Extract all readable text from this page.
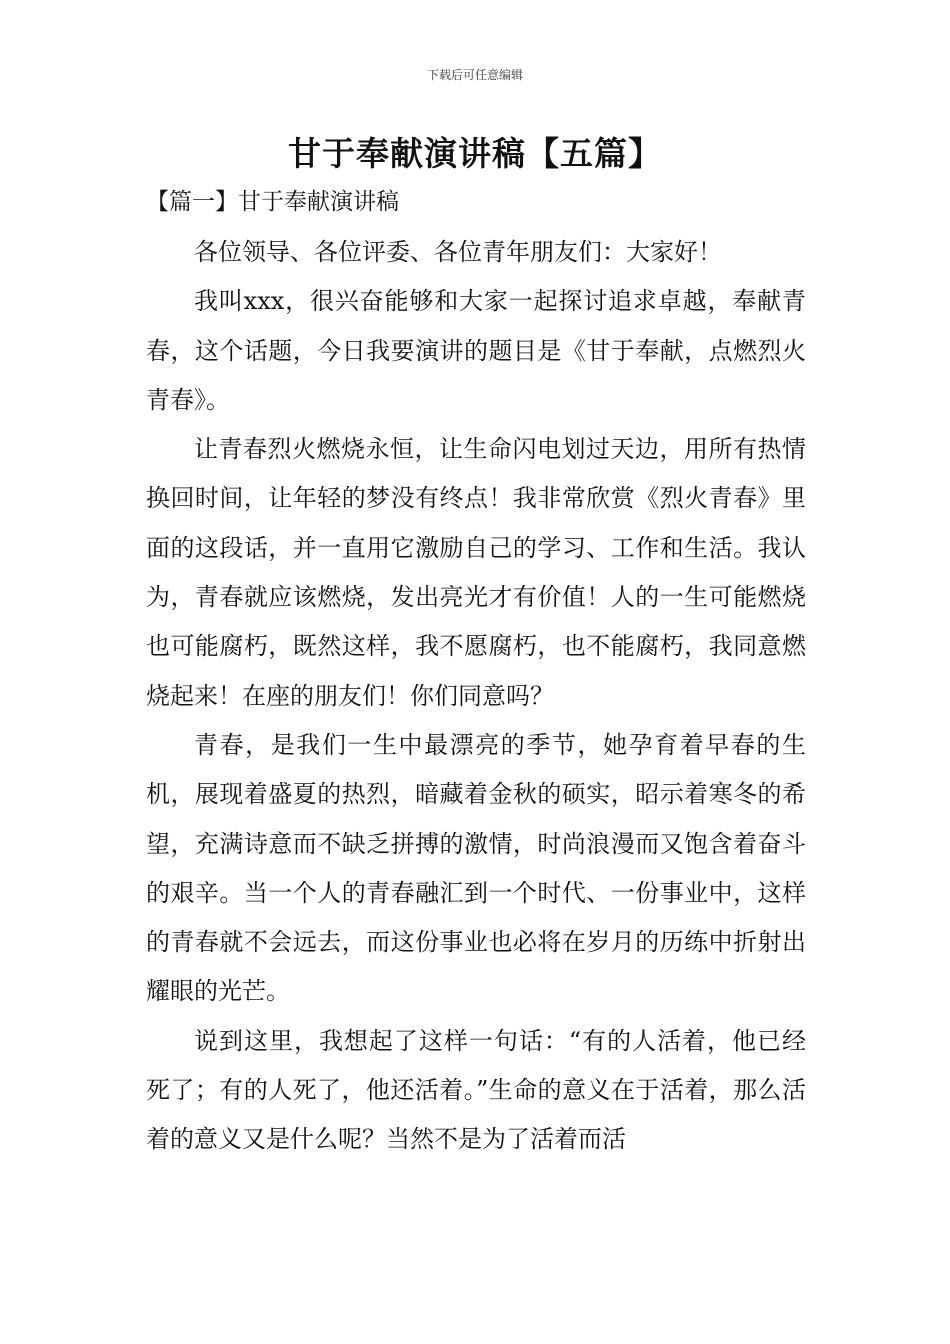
下载后可任意编辑
甘于奉献演讲稿【五篇】
【篇一】甘于奉献演讲稿

各位领导、各位评委、各位青年朋友们：大家好！

我叫xxx，很兴奋能够和大家一起探讨追求卓越，奉献青春，这个话题，今日我要演讲的题目是《甘于奉献，点燃烈火青春》。

让青春烈火燃烧永恒，让生命闪电划过天边，用所有热情换回时间，让年轻的梦没有终点！我非常欣赏《烈火青春》里面的这段话，并一直用它激励自己的学习、工作和生活。我认为，青春就应该燃烧，发出亮光才有价值！人的一生可能燃烧也可能腐朽，既然这样，我不愿腐朽，也不能腐朽，我同意燃烧起来！在座的朋友们！你们同意吗？

青春，是我们一生中最漂亮的季节，她孕育着早春的生机，展现着盛夏的热烈，暗藏着金秋的硕实，昭示着寒冬的希望，充满诗意而不缺乏拼搏的激情，时尚浪漫而又饱含着奋斗的艰辛。当一个人的青春融汇到一个时代、一份事业中，这样的青春就不会远去，而这份事业也必将在岁月的历练中折射出耀眼的光芒。

说到这里，我想起了这样一句话：“有的人活着，他已经死了；有的人死了，他还活着。”生命的意义在于活着，那么活着的意义又是什么呢？当然不是为了活着而活
